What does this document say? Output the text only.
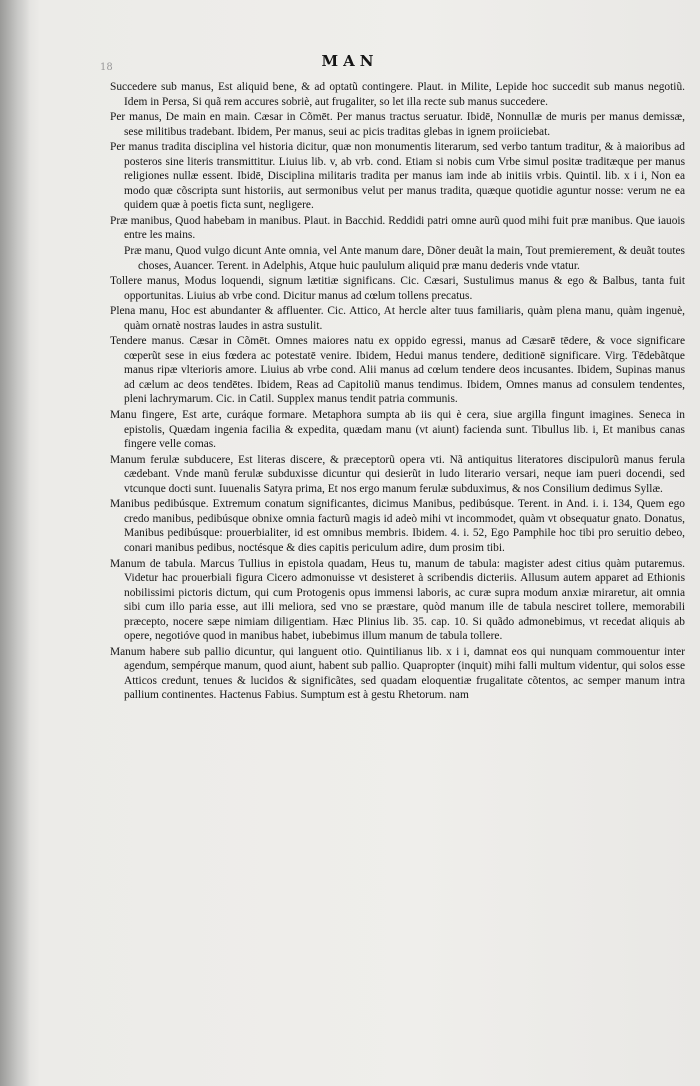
18	MAN

Succedere sub manus, Est aliquid bene, & ad optatũ contingere. Plaut. in Milite, Lepide hoc succedit sub manus negotiũ. Idem in Persa, Si quã rem accures sobriè, aut frugaliter, so let illa recte sub manus succedere.

Per manus, De main en main. Cæsar in Cõmēt. Per manus tractus seruatur. Ibidē, Nonnullæ de muris per manus demissæ, sese militibus tradebant. Ibidem, Per manus, seui ac picis traditas glebas in ignem proiiciebat.

Per manus tradita disciplina vel historia dicitur, quæ non monumentis literarum, sed verbo tantum traditur, & à maioribus ad posteros sine literis transmittitur. Liuius lib. v, ab vrb. cond. Etiam si nobis cum Vrbe simul positæ traditæque per manus religiones nullæ essent. Ibidē, Disciplina militaris tradita per manus iam inde ab initiis vrbis. Quintil. lib. x i i, Non ea modo quæ cõscripta sunt historiis, aut sermonibus velut per manus tradita, quæque quotidie aguntur nosse: verum ne ea quidem quæ à poetis ficta sunt, negligere.

Præ manibus, Quod habebam in manibus. Plaut. in Bacchid. Reddidi patri omne aurũ quod mihi fuit præ manibus. Que iauois entre les mains.

Præ manu, Quod vulgo dicunt Ante omnia, vel Ante manum dare, Dõner deuãt la main, Tout premierement, & deuãt toutes choses, Auancer. Terent. in Adelphis, Atque huic paululum aliquid præ manu dederis vnde vtatur.

Tollere manus, Modus loquendi, signum lætitiæ significans. Cic. Cæsari, Sustulimus manus & ego & Balbus, tanta fuit opportunitas. Liuius ab vrbe cond. Dicitur manus ad cœlum tollens precatus.

Plena manu, Hoc est abundanter & affluenter. Cic. Attico, At hercle alter tuus familiaris, quàm plena manu, quàm ingenuè, quàm ornatè nostras laudes in astra sustulit.

Tendere manus. Cæsar in Cõmēt. Omnes maiores natu ex oppido egressi, manus ad Cæsarē tēdere, & voce significare cœperũt sese in eius fœdera ac potestatē venire. Ibidem, Hedui manus tendere, deditionē significare. Virg. Tēdebãtque manus ripæ vlterioris amore. Liuius ab vrbe cond. Alii manus ad cœlum tendere deos incusantes. Ibidem, Supinas manus ad cælum ac deos tendētes. Ibidem, Reas ad Capitoliũ manus tendimus. Ibidem, Omnes manus ad consulem tendentes, pleni lachrymarum. Cic. in Catil. Supplex manus tendit patria communis.

Manu fingere, Est arte, curáque formare. Metaphora sumpta ab iis qui è cera, siue argilla fingunt imagines. Seneca in epistolis, Quædam ingenia facilia & expedita, quædam manu (vt aiunt) facienda sunt. Tibullus lib. i, Et manibus canas fingere velle comas.

Manum ferulæ subducere, Est literas discere, & præceptorũ opera vti. Nã antiquitus literatores discipulorũ manus ferula cædebant. Vnde manũ ferulæ subduxisse dicuntur qui desierũt in ludo literario versari, neque iam pueri docendi, sed vtcunque docti sunt. Iuuenalis Satyra prima, Et nos ergo manum ferulæ subduximus, & nos Consilium dedimus Syllæ.

Manibus pedibúsque. Extremum conatum significantes, dicimus Manibus, pedibúsque. Terent. in And. i. i. 134, Quem ego credo manibus, pedibúsque obnixe omnia facturũ magis id adeò mihi vt incommodet, quàm vt obsequatur gnato. Donatus, Manibus pedibúsque: prouerbialiter, id est omnibus membris. Ibidem. 4. i. 52, Ego Pamphile hoc tibi pro seruitio debeo, conari manibus pedibus, noctésque & dies capitis periculum adire, dum prosim tibi.

Manum de tabula. Marcus Tullius in epistola quadam, Heus tu, manum de tabula: magister adest citius quàm putaremus. Videtur hac prouerbiali figura Cicero admonuisse vt desisteret à scribendis dicteriis. Allusum autem apparet ad Ethionis nobilissimi pictoris dictum, qui cum Protogenis opus immensi laboris, ac curæ supra modum anxiæ miraretur, ait omnia sibi cum illo paria esse, aut illi meliora, sed vno se præstare, quòd manum ille de tabula nesciret tollere, memorabili præcepto, nocere sæpe nimiam diligentiam. Hæc Plinius lib. 35. cap. 10. Si quãdo admonebimus, vt recedat aliquis ab opere, negotióve quod in manibus habet, iubebimus illum manum de tabula tollere.

Manum habere sub pallio dicuntur, qui languent otio. Quintilianus lib. x i i, damnat eos qui nunquam commouentur inter agendum, sempérque manum, quod aiunt, habent sub pallio. Quapropter (inquit) mihi falli multum videntur, qui solos esse Atticos credunt, tenues & lucidos & significãtes, sed quadam eloquentiæ frugalitate cõtentos, ac semper manum intra pallium continentes. Hactenus Fabius. Sumptum est à gestu Rhetorum. nam
